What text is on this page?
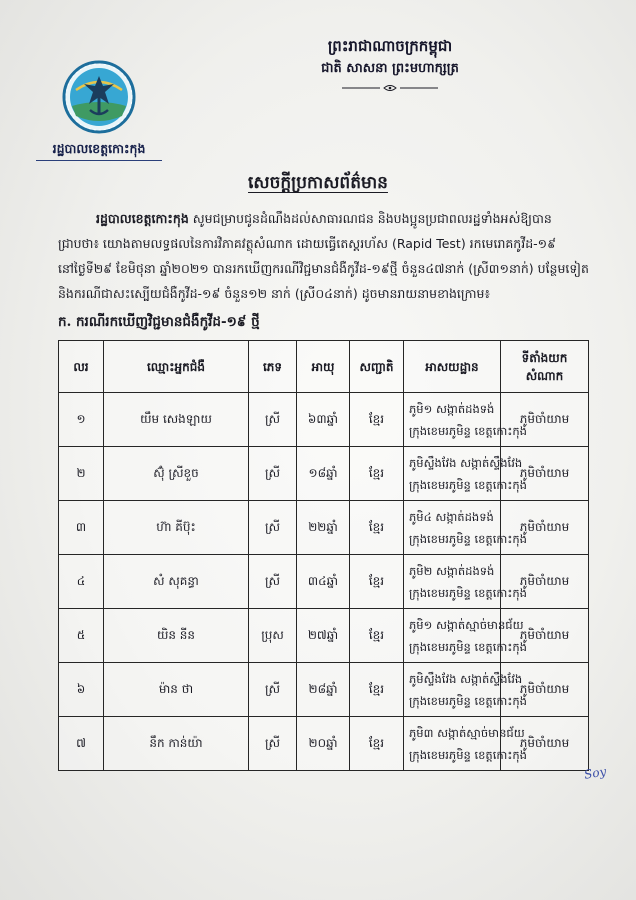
ព្រះរាជាណាចក្រកម្ពុជា
ជាតិ សាសនា ព្រះមហាក្សត្រ
រដ្ឋបាលខេត្តកោះកុង
សេចក្ដីប្រកាសព័ត៌មាន
រដ្ឋបាលខេត្តកោះកុង សូមជម្រាបជូនដំណឹងដល់សាធារណជន និងបងប្អូនប្រជាពលរដ្ឋទាំងអស់ឱ្យបាន
ជ្រាបថា៖ យោងតាមលទ្ធផលនៃការវិភាគវត្ថុសំណាក ដោយធ្វើតេស្តរហ័ស (Rapid Test) រកមេរោគកូវីដ-១៩
នៅថ្ងៃទី២៩ ខែមិថុនា ឆ្នាំ២០២១ បានរកឃើញករណីវិជ្ជមានជំងឺកូវីដ-១៩ថ្មី ចំនួន៤៧នាក់ (ស្រី៣១នាក់) បន្ថែមទៀត
និងករណីជាសះស្បើយជំងឺកូវីដ-១៩ ចំនួន១២ នាក់ (ស្រី០៤នាក់) ដូចមានរាយនាមខាងក្រោម៖
ក. ករណីរកឃើញវិជ្ជមានជំងឺកូវីដ-១៩ ថ្មី
លរ	ឈ្មោះអ្នកជំងឺ	ភេទ	អាយុ	សញ្ជាតិ	អាសយដ្ឋាន	ទីតាំងយក
សំណាក

១	យឹម សេងឡាយ	ស្រី	៦៣ឆ្នាំ	ខ្មែរ	ភូមិ១ សង្កាត់ដងទង់
ក្រុងខេមរភូមិន្ទ ខេត្តកោះកុង	ភូមិចាំយាម
២	ស៊ុំ ស្រីខួច	ស្រី	១៨ឆ្នាំ	ខ្មែរ	ភូមិស្ទឹងវែង សង្កាត់ស្ទឹងវែង
ក្រុងខេមរភូមិន្ទ ខេត្តកោះកុង	ភូមិចាំយាម
៣	ហ៊ា គីប៊ុះ	ស្រី	២២ឆ្នាំ	ខ្មែរ	ភូមិ៤ សង្កាត់ដងទង់
ក្រុងខេមរភូមិន្ទ ខេត្តកោះកុង	ភូមិចាំយាម
៤	សំ សុគន្ធា	ស្រី	៣៤ឆ្នាំ	ខ្មែរ	ភូមិ២ សង្កាត់ដងទង់
ក្រុងខេមរភូមិន្ទ ខេត្តកោះកុង	ភូមិចាំយាម
៥	យិន នីន	ប្រុស	២៧ឆ្នាំ	ខ្មែរ	ភូមិ១ សង្កាត់ស្មាច់មានជ័យ
ក្រុងខេមរភូមិន្ទ ខេត្តកោះកុង	ភូមិចាំយាម
៦	ម៉ាន ថា	ស្រី	២៨ឆ្នាំ	ខ្មែរ	ភូមិស្ទឹងវែង សង្កាត់ស្ទឹងវែង
ក្រុងខេមរភូមិន្ទ ខេត្តកោះកុង	ភូមិចាំយាម
៧	នឹក កាន់យ៉ា	ស្រី	២០ឆ្នាំ	ខ្មែរ	ភូមិ៣ សង្កាត់ស្មាច់មានជ័យ
ក្រុងខេមរភូមិន្ទ ខេត្តកោះកុង	ភូមិចាំយាម
Soy
